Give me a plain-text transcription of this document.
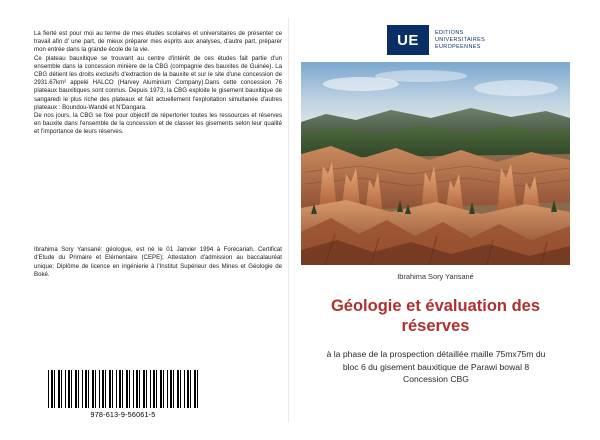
La fierté est pour moi au terme de mes études scolaires et universitaires de présenter ce travail afin d' une part, de mieux préparer mes esprits aux analyses, d'autre part, préparer mon entrée dans la grande école de la vie.
Ce plateau bauxitique se trouvant au centre d'intérêt de ces études fait partie d'un ensemble dans la concession minière de la CBG (compagnie des bauxites de Guinée). La CBG détient les droits exclusifs d'extraction de la bauxite et sur le site d'une concession de 2931.67km² appelé HALCO (Harvey Aluminium Company).Dans cette concession 76 plateaux bauxitiques sont connus. Depuis 1973, la CBG exploite le gisement bauxitique de sangaredi le plus riche des plateaux et fait actuellement l'exploitation simultanée d'autres plateaux : Boundou-Wandé et N'Dangara.
De nos jours, la CBG se fixe pour objectif de répertorier toutes les ressources et réserves en bauxite dans l'ensemble de la concession et de classer les gisements selon leur qualité et l'importance de leurs réserves.

Ibrahima Sory Yansané: géologue, est né le 01 Janvier 1994 à Forécariah. Certificat d'Etude du Primaire et Elémentaire (CEPE); Attestation d'admission au baccalauréat unique; Diplôme de licence en ingénierie à l'Institut Supérieur des Mines et Géologie de Boké.

978-613-9-56061-5
UE	EDITIONS
UNIVERSITAIRES
EUROPEENNES
Ibrahima Sory Yansané
Géologie et évaluation des réserves
à la phase de la prospection détaillée maille 75mx75m du bloc 6 du gisement bauxitique de Parawi bowal 8 Concession CBG
